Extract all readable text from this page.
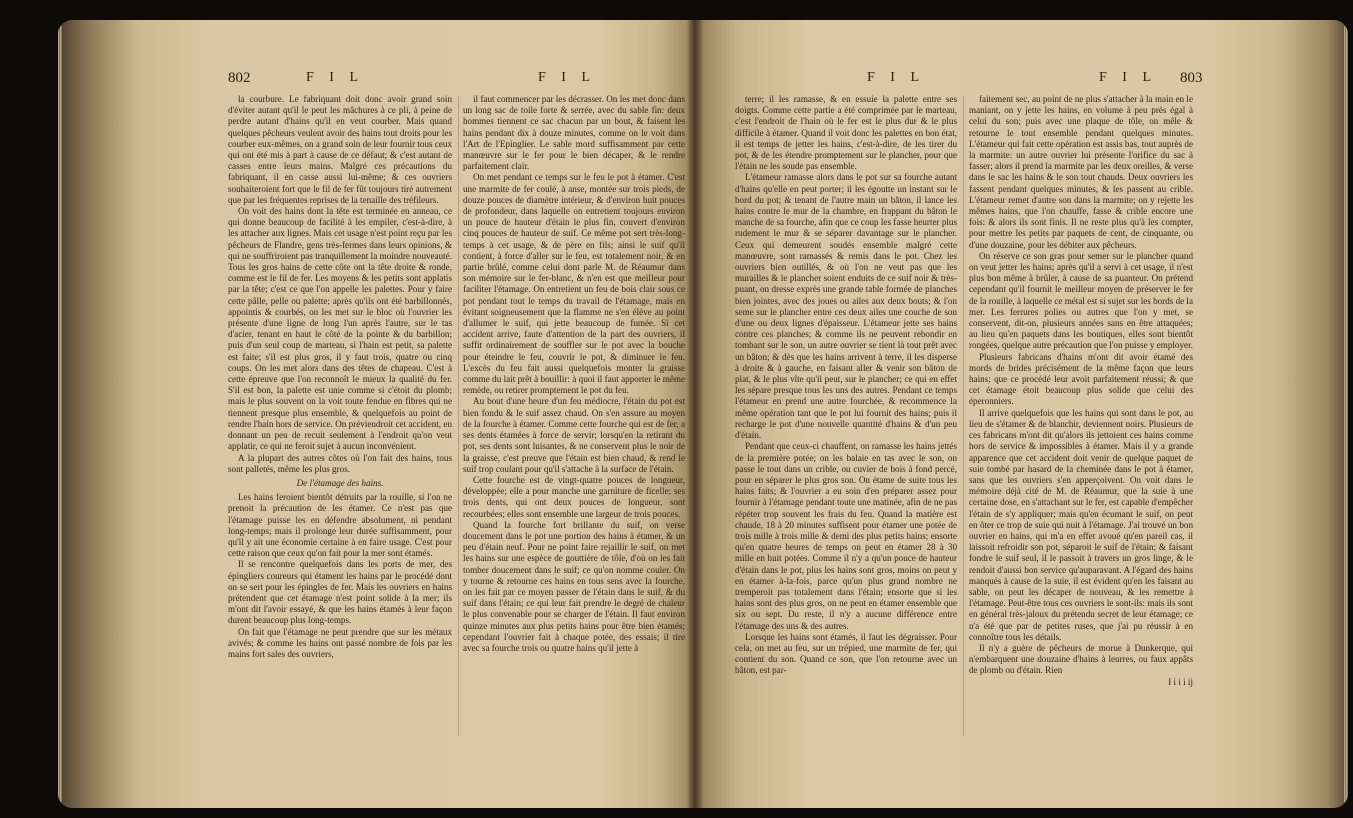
802	F I L	F I L

la courbure. Le fabriquant doit donc avoir grand soin d'éviter autant qu'il le peut les mâchures à ce pli, à peine de perdre autant d'hains qu'il en veut courber. Mais quand quelques pêcheurs veulent avoir des hains tout droits pour les courber eux-mêmes, on a grand soin de leur fournir tous ceux qui ont été mis à part à cause de ce défaut; & c'est autant de casses entre leurs mains. Malgré ces précautions du fabriquant, il en casse aussi lui-même; & ces ouvriers souhaiteroient fort que le fil de fer fût toujours tiré autrement que par les fréquentes reprises de la tenaille des tréfileurs.

On voit des hains dont la tête est terminée en anneau, ce qui donne beaucoup de facilité à les empiler, c'est-à-dire, à les attacher aux lignes. Mais cet usage n'est point reçu par les pêcheurs de Flandre, gens très-fermes dans leurs opinions, & qui ne souffriroient pas tranquillement la moindre nouveauté. Tous les gros hains de cette côte ont la tête droite & ronde, comme est le fil de fer. Les moyens & les petits sont applatis par la tête; c'est ce que l'on appelle les palettes. Pour y faire cette pâlle, pelle ou palette; après qu'ils ont été barbillonnés, appointis & courbés, on les met sur le bloc où l'ouvrier les présente d'une ligne de long l'un après l'autre, sur le tas d'acier, tenant en haut le côté de la pointe & du barbillon; puis d'un seul coup de marteau, si l'hain est petit, sa palette est faite; s'il est plus gros, il y faut trois, quatre ou cinq coups. On les met alors dans des têtes de chapeau. C'est à cette épreuve que l'on reconnoît le mieux la qualité du fer. S'il est bon, la palette est unie comme si c'étoit du plomb; mais le plus souvent on la voit toute fendue en fibres qui ne tiennent presque plus ensemble, & quelquefois au point de rendre l'hain hors de service. On préviendroit cet accident, en donnant un peu de recuit seulement à l'endroit qu'on veut applatir, ce qui ne feroit sujet à aucun inconvénient.

A la plupart des autres côtes où l'on fait des hains, tous sont palletés, même les plus gros.

De l'étamage des hains.

Les hains feroient bientôt détruits par la rouille, si l'on ne prenoit la précaution de les étamer. Ce n'est pas que l'étamage puisse les en défendre absolument, ni pendant long-temps; mais il prolonge leur durée suffisamment, pour qu'il y ait une économie certaine à en faire usage. C'est pour cette raison que ceux qu'on fait pour la mer sont étamés.

Il se rencontre quelquefois dans les ports de mer, des épingliers coureurs qui étament les hains par le procédé dont on se sert pour les épingles de fer. Mais les ouvriers en hains prétendent que cet étamage n'est point solide à la mer; ils m'ont dit l'avoir essayé, & que les hains étamés à leur façon durent beaucoup plus long-temps.

On fait que l'étamage ne peut prendre que sur les métaux avivés; & comme les hains ont passé nombre de fois par les mains fort sales des ouvriers,

il faut commencer par les décrasser. On les met donc dans un long sac de toile forte & serrée, avec du sable fin: deux hommes tiennent ce sac chacun par un bout, & faisent les hains pendant dix à douze minutes, comme on le voit dans l'Art de l'Epinglier. Le sable mord suffisamment par cette manœuvre sur le fer pour le bien décaper, & le rendre parfaitement clair.

On met pendant ce temps sur le feu le pot à étamer. C'est une marmite de fer coulé, à anse, montée sur trois pieds, de douze pouces de diamètre intérieur, & d'environ huit pouces de profondeur, dans laquelle on entretient toujours environ un pouce de hauteur d'étain le plus fin, couvert d'environ cinq pouces de hauteur de suif. Ce même pot sert très-long-temps à cet usage, & de père en fils; ainsi le suif qu'il contient, à force d'aller sur le feu, est totalement noir, & en partie brûlé, comme celui dont parle M. de Réaumur dans son mémoire sur le fer-blanc, & n'en est que meilleur pour faciliter l'étamage. On entretient un feu de bois clair sous ce pot pendant tout le temps du travail de l'étamage, mais en évitant soigneusement que la flamme ne s'en élève au point d'allumer le suif, qui jette beaucoup de fumée. Si cet accident arrive, faute d'attention de la part des ouvriers, il suffit ordinairement de souffler sur le pot avec la bouche pour éteindre le feu, couvrir le pot, & diminuer le feu. L'excès du feu fait aussi quelquefois monter la graisse comme du lait prêt à bouillir: à quoi il faut apporter le même remède, ou retirer promptement le pot du feu.

Au bout d'une heure d'un feu médiocre, l'étain du pot est bien fondu & le suif assez chaud. On s'en assure au moyen de la fourche à étamer. Comme cette fourche qui est de fer, a ses dents étamées à force de servir; lorsqu'en la retirant du pot, ses dents sont luisantes, & ne conservent plus le noir de la graisse, c'est preuve que l'étain est bien chaud, & rend le suif trop coulant pour qu'il s'attache à la surface de l'étain.

Cette fourche est de vingt-quatre pouces de longueur, développée; elle a pour manche une garniture de ficelle: ses trois dents, qui ont deux pouces de longueur, sont recourbées; elles sont ensemble une largeur de trois pouces.

Quand la fourche fort brillante du suif, on verse doucement dans le pot une portion des hains à étamer, & un peu d'étain neuf. Pour ne point faire rejaillir le suif, on met les hains sur une espèce de gouttière de tôle, d'où on les fait tomber doucement dans le suif; ce qu'on nomme couler. On y tourne & retourne ces hains en tous sens avec la fourche, on les fait par ce moyen passer de l'étain dans le suif, & du suif dans l'étain; ce qui leur fait prendre le degré de chaleur le plus convenable pour se charger de l'étain. Il faut environ quinze minutes aux plus petits hains pour être bien étamés; cependant l'ouvrier fait à chaque potée, des essais; il tire avec sa fourche trois ou quatre hains qu'il jette à

F I L	F I L 803

terre; il les ramasse, & en essuie la palette entre ses doigts. Comme cette partie a été comprimée par le marteau, c'est l'endroit de l'hain où le fer est le plus dur & le plus difficile à étamer. Quand il voit donc les palettes en bon état, il est temps de jetter les hains, c'est-à-dire, de les tirer du pot, & de les étendre promptement sur le plancher, pour que l'étain ne les soude pas ensemble.

L'étameur ramasse alors dans le pot sur sa fourche autant d'hains qu'elle en peut porter; il les égoutte un instant sur le bord du pot; & tenant de l'autre main un bâton, il lance les hains contre le mur de la chambre, en frappant du bâton le manche de sa fourche, afin que ce coup les fasse heurter plus rudement le mur & se séparer davantage sur le plancher. Ceux qui demeurent soudés ensemble malgré cette manœuvre, sont ramassés & remis dans le pot. Chez les ouvriers bien outillés, & où l'on ne veut pas que les murailles & le plancher soient enduits de ce suif noir & très-puant, on dresse exprès une grande table formée de planches bien jointes, avec des joues ou ailes aux deux bouts; & l'on seme sur le plancher entre ces deux ailes une couche de son d'une ou deux lignes d'épaisseur. L'étameur jette ses hains contre ces planches; & comme ils ne peuvent rebondir en tombant sur le son, un autre ouvrier se tient là tout prêt avec un bâton; & dès que les hains arrivent à terre, il les disperse à droite & à gauche, en faisant aller & venir son bâton de plat, & le plus vîte qu'il peut, sur le plancher; ce qui en effet les sépare presque tous les uns des autres. Pendant ce temps l'étameur en prend une autre fourchée, & recommence la même opération tant que le pot lui fournit des hains; puis il recharge le pot d'une nouvelle quantité d'hains & d'un peu d'étain.

Pendant que ceux-ci chauffent, on ramasse les hains jettés de la première potée; on les balaie en tas avec le son, on passe le tout dans un crible, ou cuvier de bois à fond percé, pour en séparer le plus gros son. On étame de suite tous les hains faits; & l'ouvrier a eu soin d'en préparer assez pour fournir à l'étamage pendant toute une matinée, afin de ne pas répéter trop souvent les frais du feu. Quand la matière est chaude, 18 à 20 minutes suffisent pour étamer une potée de trois mille à trois mille & demi des plus petits hains; ensorte qu'en quatre heures de temps on peut en étamer 28 à 30 mille en huit potées. Comme il n'y a qu'un pouce de hauteur d'étain dans le pot, plus les hains sont gros, moins on peut y en étamer à-la-fois, parce qu'un plus grand nombre ne tremperoit pas totalement dans l'étain; ensorte que si les hains sont des plus gros, on ne peut en étamer ensemble que six ou sept. Du reste, il n'y a aucune différence entre l'étamage des uns & des autres.

Lorsque les hains sont étamés, il faut les dégraisser. Pour cela, on met au feu, sur un trépied, une marmite de fer, qui contient du son. Quand ce son, que l'on retourne avec un bâton, est par-

faitement sec, au point de ne plus s'attacher à la main en le maniant, on y jette les hains, en volume à peu près égal à celui du son; puis avec une plaque de tôle, on mêle & retourne le tout ensemble pendant quelques minutes. L'étameur qui fait cette opération est assis bas, tout auprès de la marmite: un autre ouvrier lui présente l'orifice du sac à fasser; alors il prend la marmite par les deux oreilles, & verse dans le sac les hains & le son tout chauds. Deux ouvriers les fassent pendant quelques minutes, & les passent au crible. L'étameur remet d'autre son dans la marmite; on y rejette les mêmes hains, que l'on chauffe, fasse & crible encore une fois: & alors ils sont finis. Il ne reste plus qu'à les compter, pour mettre les petits par paquets de cent, de cinquante, ou d'une douzaine, pour les débiter aux pêcheurs.

On réserve ce son gras pour semer sur le plancher quand on veut jetter les hains; après qu'il a servi à cet usage, il n'est plus bon même à brûler, à cause de sa puanteur. On prétend cependant qu'il fournit le meilleur moyen de préserver le fer de la rouille, à laquelle ce métal est si sujet sur les bords de la mer. Les ferrures polies ou autres que l'on y met, se conservent, dit-on, plusieurs années sans en être attaquées; au lieu qu'en paquets dans les boutiques, elles sont bientôt rongées, quelque autre précaution que l'on puisse y employer.

Plusieurs fabricans d'hains m'ont dit avoir étamé des mords de brides précisément de la même façon que leurs hains; que ce procédé leur avoit parfaitement réussi; & que cet étamage étoit beaucoup plus solide que celui des éperonniers.

Il arrive quelquefois que les hains qui sont dans le pot, au lieu de s'étamer & de blanchir, deviennent noirs. Plusieurs de ces fabricans m'ont dit qu'alors ils jettoient ces hains comme hors de service & impossibles à étamer. Mais il y a grande apparence que cet accident doit venir de quelque paquet de suie tombé par hasard de la cheminée dans le pot à étamer, sans que les ouvriers s'en apperçoivent. On voit dans le mémoire déjà cité de M. de Réaumur, que la suie à une certaine dose, en s'attachant sur le fer, est capable d'empêcher l'étain de s'y appliquer; mais qu'en écumant le suif, on peut en ôter ce trop de suie qui nuit à l'étamage. J'ai trouvé un bon ouvrier en hains, qui m'a en effet avoué qu'en pareil cas, il laissoit refroidir son pot, séparoit le suif de l'étain; & faisant fondre le suif seul, il le passoit à travers un gros linge, & le rendoit d'aussi bon service qu'auparavant. A l'égard des hains manqués à cause de la suie, il est évident qu'en les faisant au sable, on peut les décaper de nouveau, & les remettre à l'étamage. Peut-être tous ces ouvriers le sont-ils: mais ils sont en général très-jaloux du prétendu secret de leur étamage; ce n'a été que par de petites ruses, que j'ai pu réussir à en connoître tous les détails.

Il n'y a guère de pêcheurs de morue à Dunkerque, qui n'embarquent une douzaine d'hains à leurres, ou faux appâts de plomb ou d'étain. Rien

I i i i ij
